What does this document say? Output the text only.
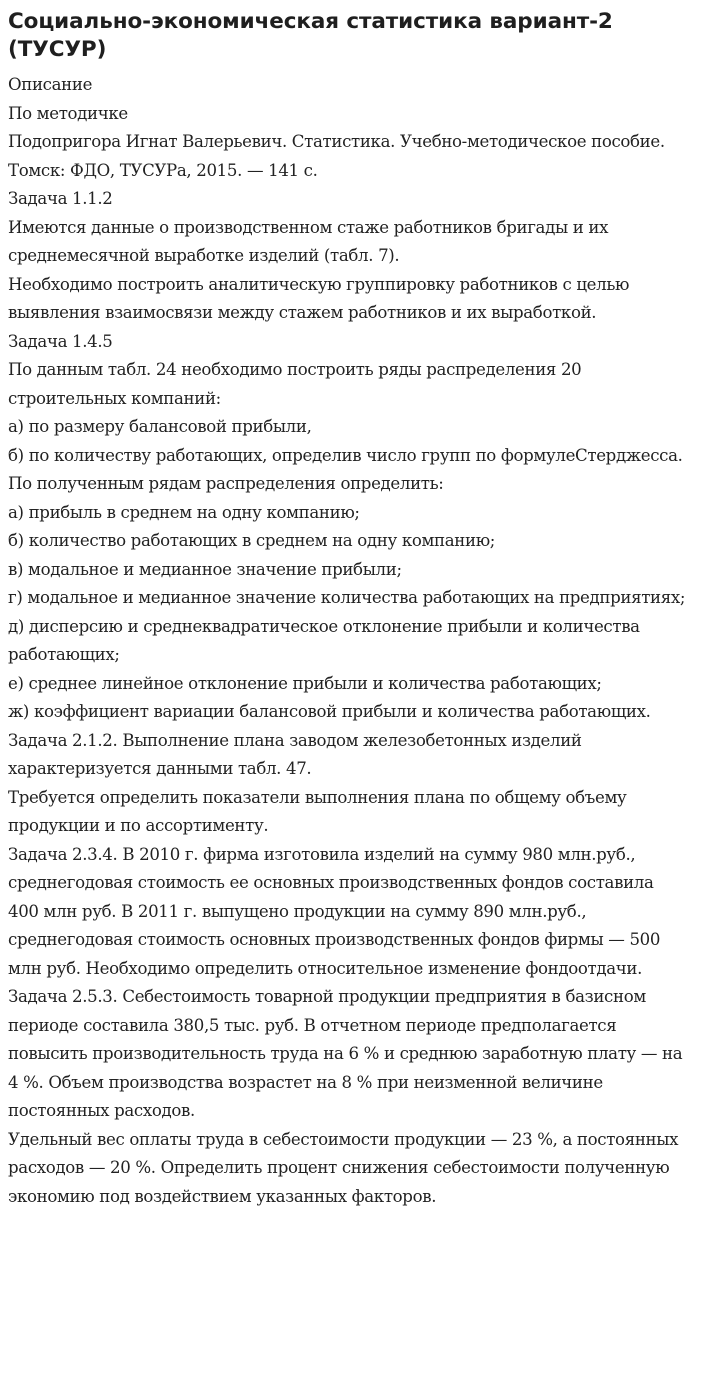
Социально-экономическая статистика вариант-2 (ТУСУР)

Описание

По методичке

Подопригора Игнат Валерьевич. Статистика. Учебно-методическое пособие. Томск: ФДО, ТУСУРа, 2015. — 141 с.

Задача 1.1.2

Имеются данные о производственном стаже работников бригады и их среднемесячной выработке изделий (табл. 7).

Необходимо построить аналитическую группировку работников с целью выявления взаимосвязи между стажем работников и их выработкой.

Задача 1.4.5

По данным табл. 24 необходимо построить ряды распределения 20 строительных компаний:

а) по размеру балансовой прибыли,

б) по количеству работающих, определив число групп по формулеСтерджесса.

По полученным рядам распределения определить:

а) прибыль в среднем на одну компанию;

б) количество работающих в среднем на одну компанию;

в) модальное и медианное значение прибыли;

г) модальное и медианное значение количества работающих на предприятиях;

д) дисперсию и среднеквадратическое отклонение прибыли и количества работающих;

е) среднее линейное отклонение прибыли и количества работающих;

ж) коэффициент вариации балансовой прибыли и количества работающих.

Задача 2.1.2. Выполнение плана заводом железобетонных изделий характеризуется данными табл. 47.

Требуется определить показатели выполнения плана по общему объему продукции и по ассортименту.

Задача 2.3.4. В 2010 г. фирма изготовила изделий на сумму 980 млн.руб., среднегодовая стоимость ее основных производственных фондов составила 400 млн руб. В 2011 г. выпущено продукции на сумму 890 млн.руб., среднегодовая стоимость основных производственных фондов фирмы — 500 млн руб. Необходимо определить относительное изменение фондоотдачи.

Задача 2.5.3. Себестоимость товарной продукции предприятия в базисном периоде составила 380,5 тыс. руб. В отчетном периоде предполагается повысить производительность труда на 6 % и среднюю заработную плату — на 4 %. Объем производства возрастет на 8 % при неизменной величине постоянных расходов.

Удельный вес оплаты труда в себестоимости продукции — 23 %, а постоянных расходов — 20 %. Определить процент снижения себестоимости полученную экономию под воздействием указанных факторов.
